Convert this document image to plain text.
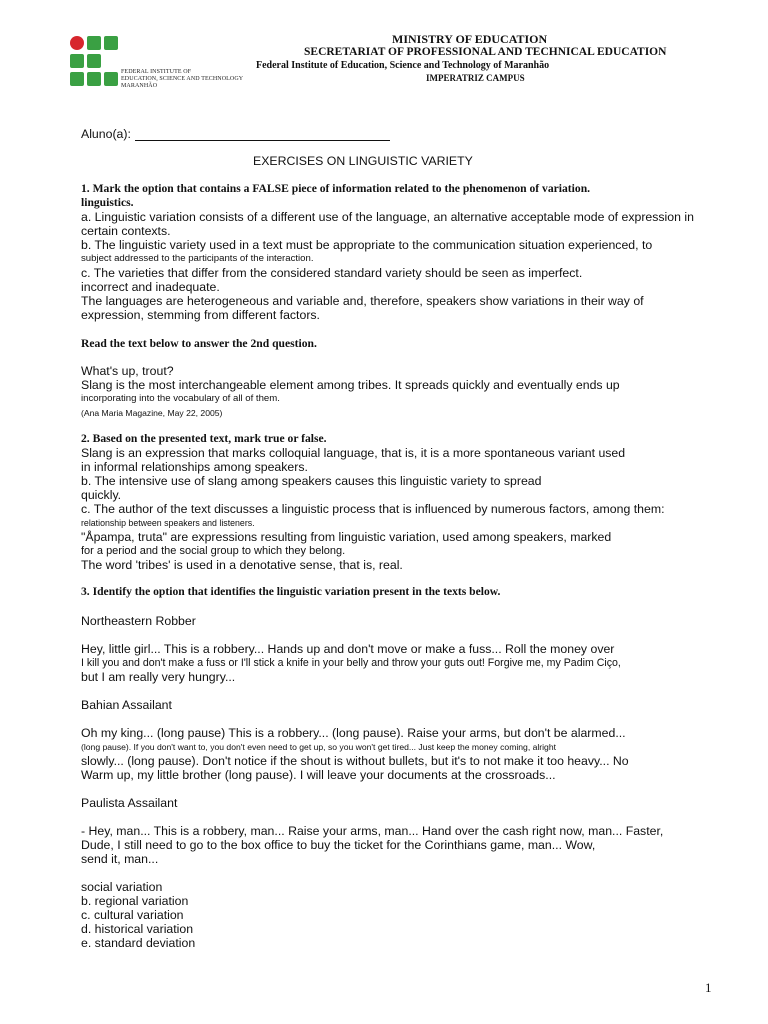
FEDERAL INSTITUTE OF
EDUCATION, SCIENCE AND TECHNOLOGY
MARANHÃO
MINISTRY OF EDUCATION
SECRETARIAT OF PROFESSIONAL AND TECHNICAL EDUCATION
Federal Institute of Education, Science and Technology of Maranhão
IMPERATRIZ CAMPUS
Aluno(a):
EXERCISES ON LINGUISTIC VARIETY
1. Mark the option that contains a FALSE piece of information related to the phenomenon of variation.
linguistics.
a. Linguistic variation consists of a different use of the language, an alternative acceptable mode of expression in
certain contexts.
b. The linguistic variety used in a text must be appropriate to the communication situation experienced, to
subject addressed to the participants of the interaction.
c. The varieties that differ from the considered standard variety should be seen as imperfect.
incorrect and inadequate.
The languages are heterogeneous and variable and, therefore, speakers show variations in their way of
expression, stemming from different factors.
Read the text below to answer the 2nd question.
What's up, trout?
Slang is the most interchangeable element among tribes. It spreads quickly and eventually ends up
incorporating into the vocabulary of all of them.
(Ana Maria Magazine, May 22, 2005)
2. Based on the presented text, mark true or false.
Slang is an expression that marks colloquial language, that is, it is a more spontaneous variant used
in informal relationships among speakers.
b. The intensive use of slang among speakers causes this linguistic variety to spread
quickly.
c. The author of the text discusses a linguistic process that is influenced by numerous factors, among them:
relationship between speakers and listeners.
"Åpampa, truta" are expressions resulting from linguistic variation, used among speakers, marked
for a period and the social group to which they belong.
The word 'tribes' is used in a denotative sense, that is, real.
3. Identify the option that identifies the linguistic variation present in the texts below.
Northeastern Robber
Hey, little girl... This is a robbery... Hands up and don't move or make a fuss... Roll the money over
I kill you and don't make a fuss or I'll stick a knife in your belly and throw your guts out! Forgive me, my Padim Ciço,
but I am really very hungry...
Bahian Assailant
Oh my king... (long pause) This is a robbery... (long pause). Raise your arms, but don't be alarmed...
(long pause). If you don't want to, you don't even need to get up, so you won't get tired... Just keep the money coming, alright
slowly... (long pause). Don't notice if the shout is without bullets, but it's to not make it too heavy... No
Warm up, my little brother (long pause). I will leave your documents at the crossroads...
Paulista Assailant
- Hey, man... This is a robbery, man... Raise your arms, man... Hand over the cash right now, man... Faster,
Dude, I still need to go to the box office to buy the ticket for the Corinthians game, man... Wow,
send it, man...
social variation
b. regional variation
c. cultural variation
d. historical variation
e. standard deviation
1
